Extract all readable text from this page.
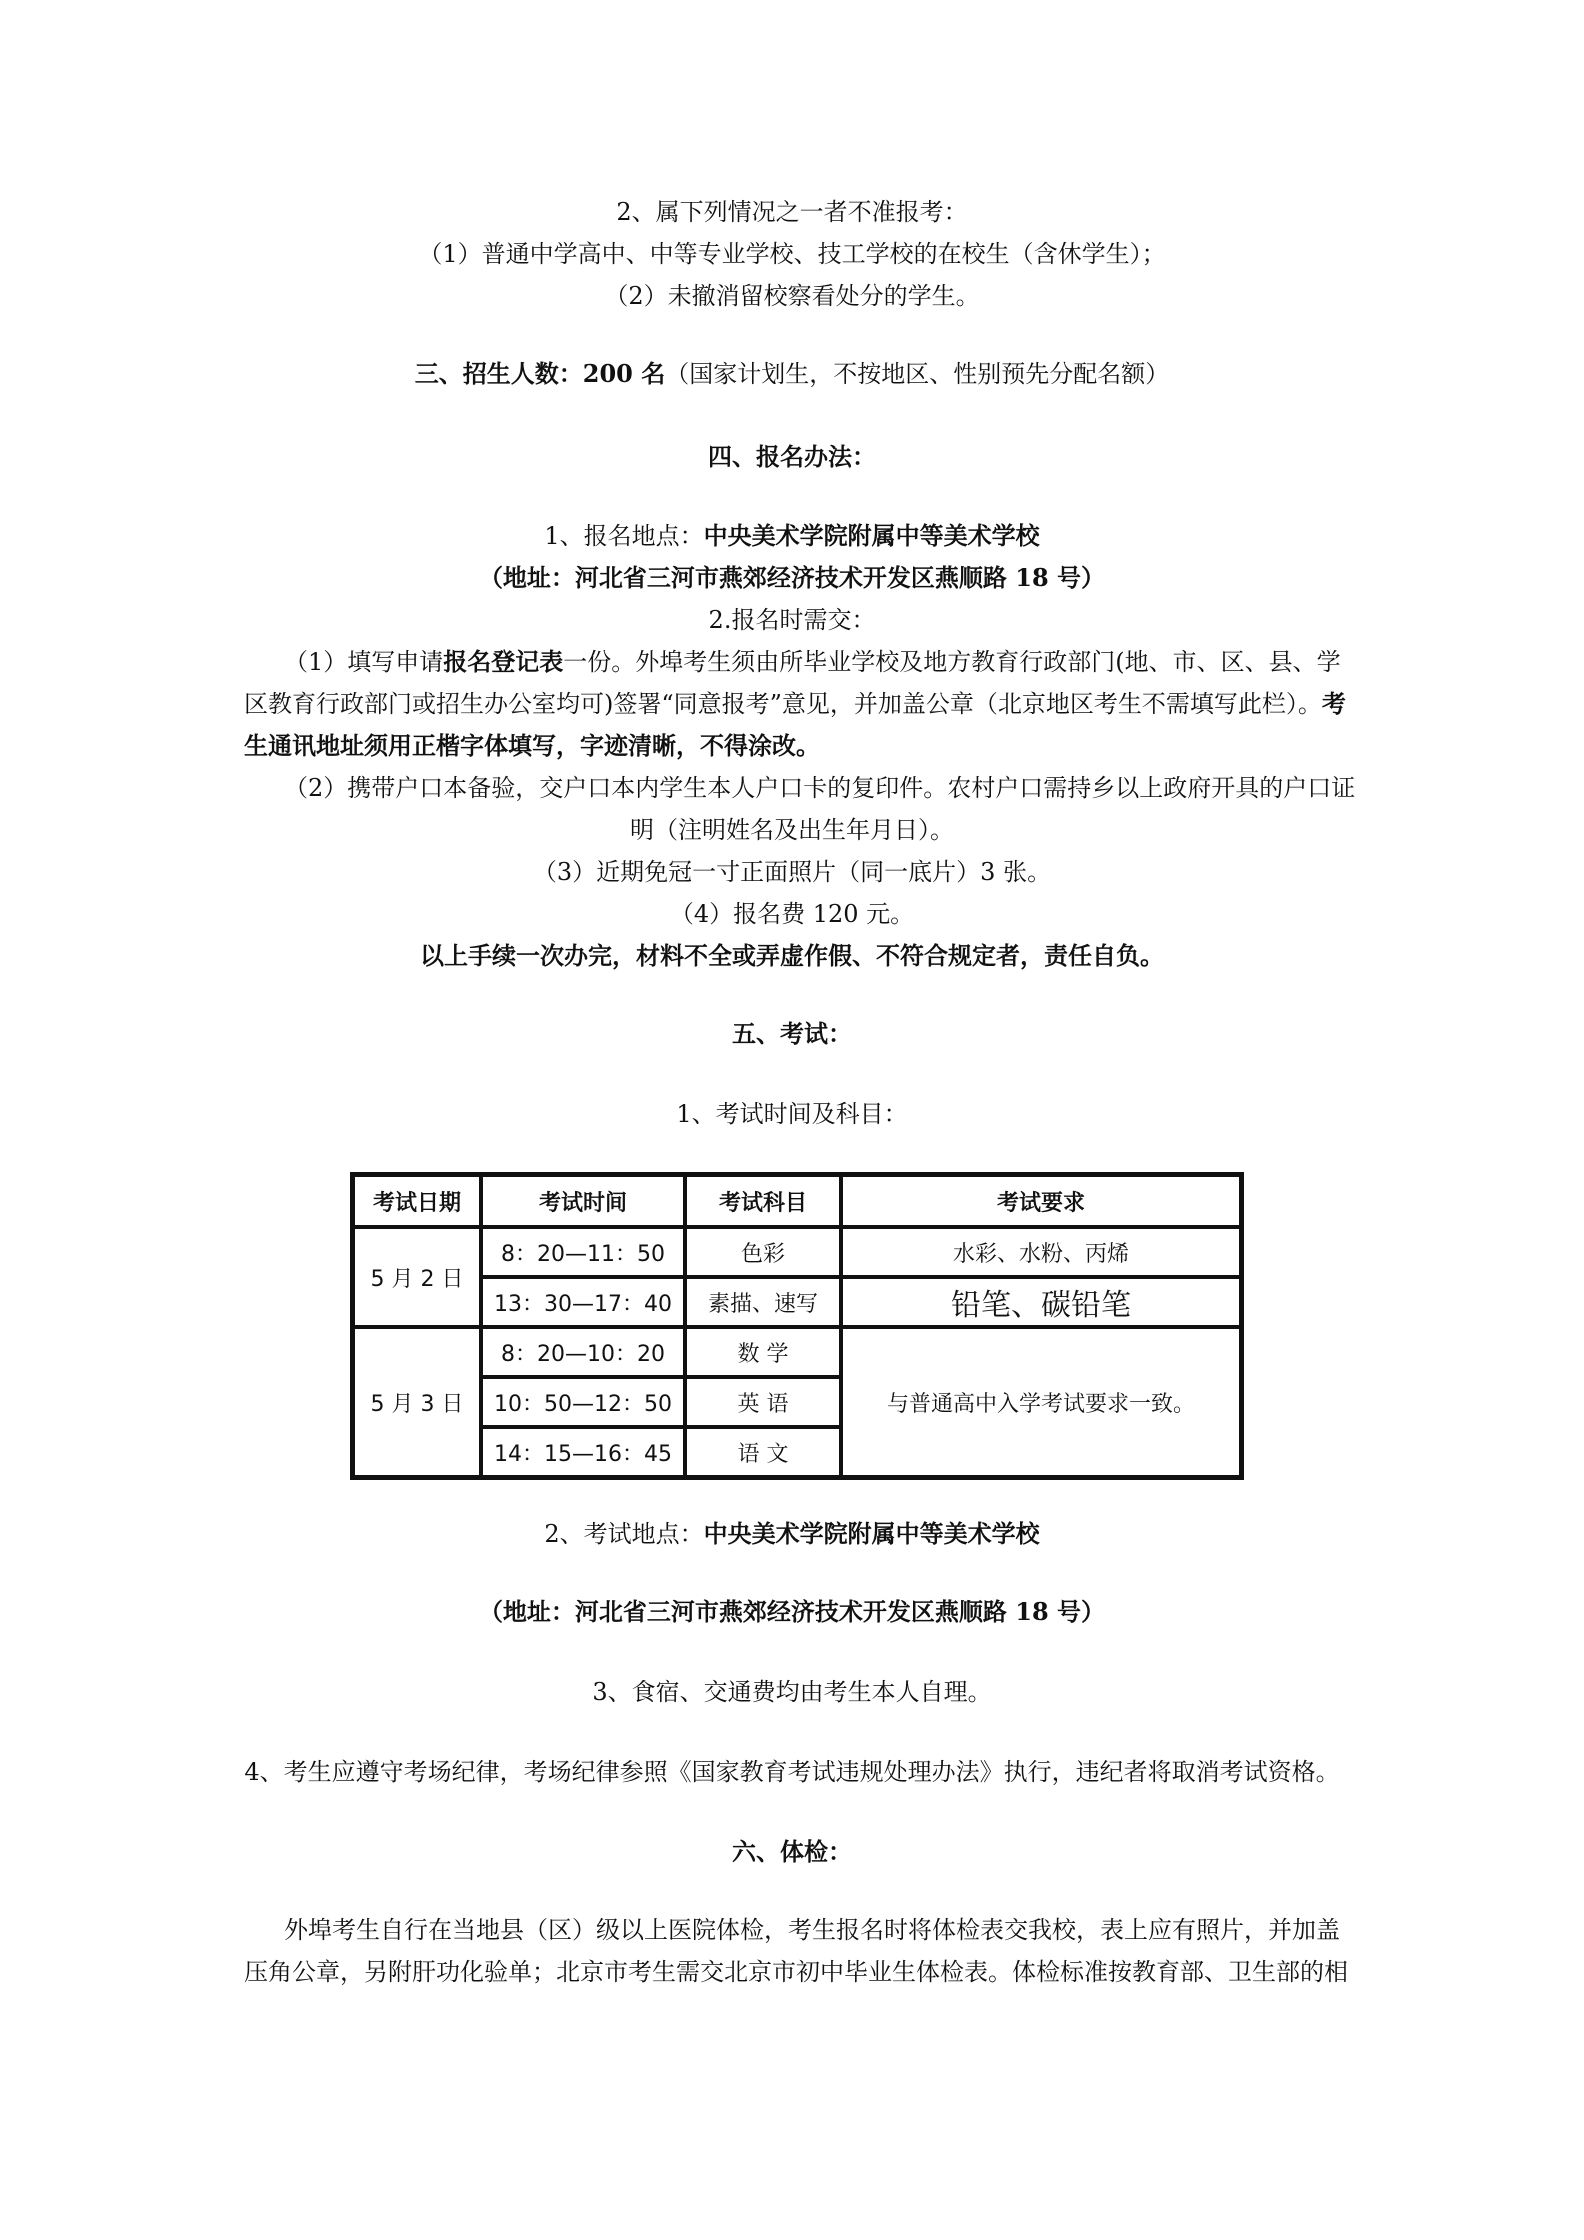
2、属下列情况之一者不准报考：
（1）普通中学高中、中等专业学校、技工学校的在校生（含休学生）；
（2）未撤消留校察看处分的学生。
三、招生人数：200 名（国家计划生，不按地区、性别预先分配名额）
四、报名办法：
1、报名地点：中央美术学院附属中等美术学校
（地址：河北省三河市燕郊经济技术开发区燕顺路 18 号）
2.报名时需交：
（1）填写申请报名登记表一份。外埠考生须由所毕业学校及地方教育行政部门(地、市、区、县、学
区教育行政部门或招生办公室均可)签署“同意报考”意见，并加盖公章（北京地区考生不需填写此栏）。考
生通讯地址须用正楷字体填写，字迹清晰，不得涂改。
（2）携带户口本备验，交户口本内学生本人户口卡的复印件。农村户口需持乡以上政府开具的户口证
明（注明姓名及出生年月日）。
（3）近期免冠一寸正面照片（同一底片）3 张。
（4）报名费 120 元。
以上手续一次办完，材料不全或弄虚作假、不符合规定者，责任自负。
五、考试：
1、考试时间及科目：
考试日期	考试时间	考试科目	考试要求
5 月 2 日	8：20—11：50	色彩	水彩、水粉、丙烯
	13：30—17：40	素描、速写	铅笔、碳铅笔
5 月 3 日	8：20—10：20	数 学	与普通高中入学考试要求一致。
	10：50—12：50	英 语	
	14：15—16：45	语 文	
2、考试地点：中央美术学院附属中等美术学校
（地址：河北省三河市燕郊经济技术开发区燕顺路 18 号）
3、食宿、交通费均由考生本人自理。
4、考生应遵守考场纪律，考场纪律参照《国家教育考试违规处理办法》执行，违纪者将取消考试资格。
六、体检：
外埠考生自行在当地县（区）级以上医院体检，考生报名时将体检表交我校，表上应有照片，并加盖
压角公章，另附肝功化验单；北京市考生需交北京市初中毕业生体检表。体检标准按教育部、卫生部的相
